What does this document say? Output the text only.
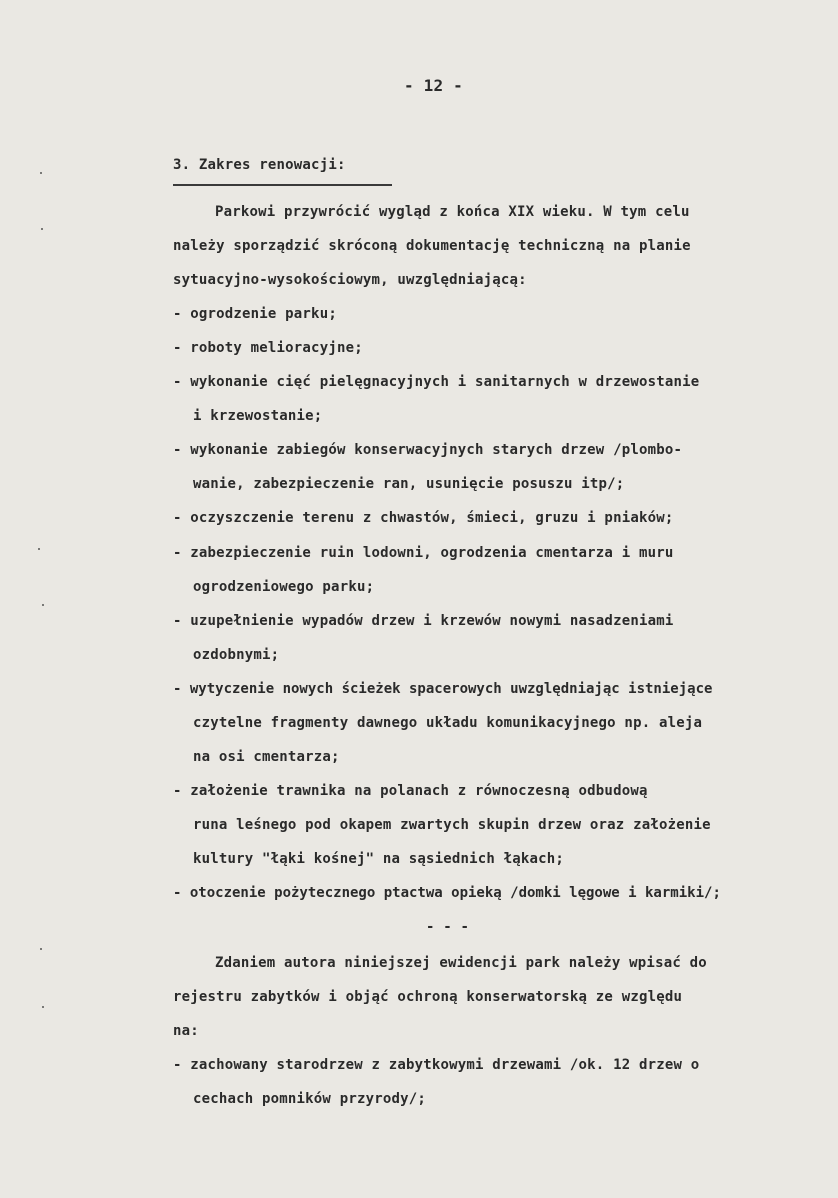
- 12 -
3. Zakres renowacji:
Parkowi przywrócić wygląd z końca XIX wieku. W tym celu
należy sporządzić skróconą dokumentację techniczną na planie
sytuacyjno-wysokościowym, uwzględniającą:
- ogrodzenie parku;
- roboty melioracyjne;
- wykonanie cięć pielęgnacyjnych i sanitarnych w drzewostanie
i krzewostanie;
- wykonanie zabiegów konserwacyjnych starych drzew /plombo-
wanie, zabezpieczenie ran, usunięcie posuszu itp/;
- oczyszczenie terenu z chwastów, śmieci, gruzu i pniaków;
- zabezpieczenie ruin lodowni, ogrodzenia cmentarza i muru
ogrodzeniowego parku;
- uzupełnienie wypadów drzew i krzewów nowymi nasadzeniami
ozdobnymi;
- wytyczenie nowych ścieżek spacerowych uwzględniając istniejące
czytelne fragmenty dawnego układu komunikacyjnego np. aleja
na osi cmentarza;
- założenie trawnika na polanach z równoczesną odbudową
runa leśnego pod okapem zwartych skupin drzew oraz założenie
kultury "łąki kośnej" na sąsiednich łąkach;
- otoczenie pożytecznego ptactwa opieką /domki lęgowe i karmiki/;
- - -
Zdaniem autora niniejszej ewidencji park należy wpisać do
rejestru zabytków i objąć ochroną konserwatorską ze względu
na:
- zachowany starodrzew z zabytkowymi drzewami /ok. 12 drzew o
cechach pomników przyrody/;
